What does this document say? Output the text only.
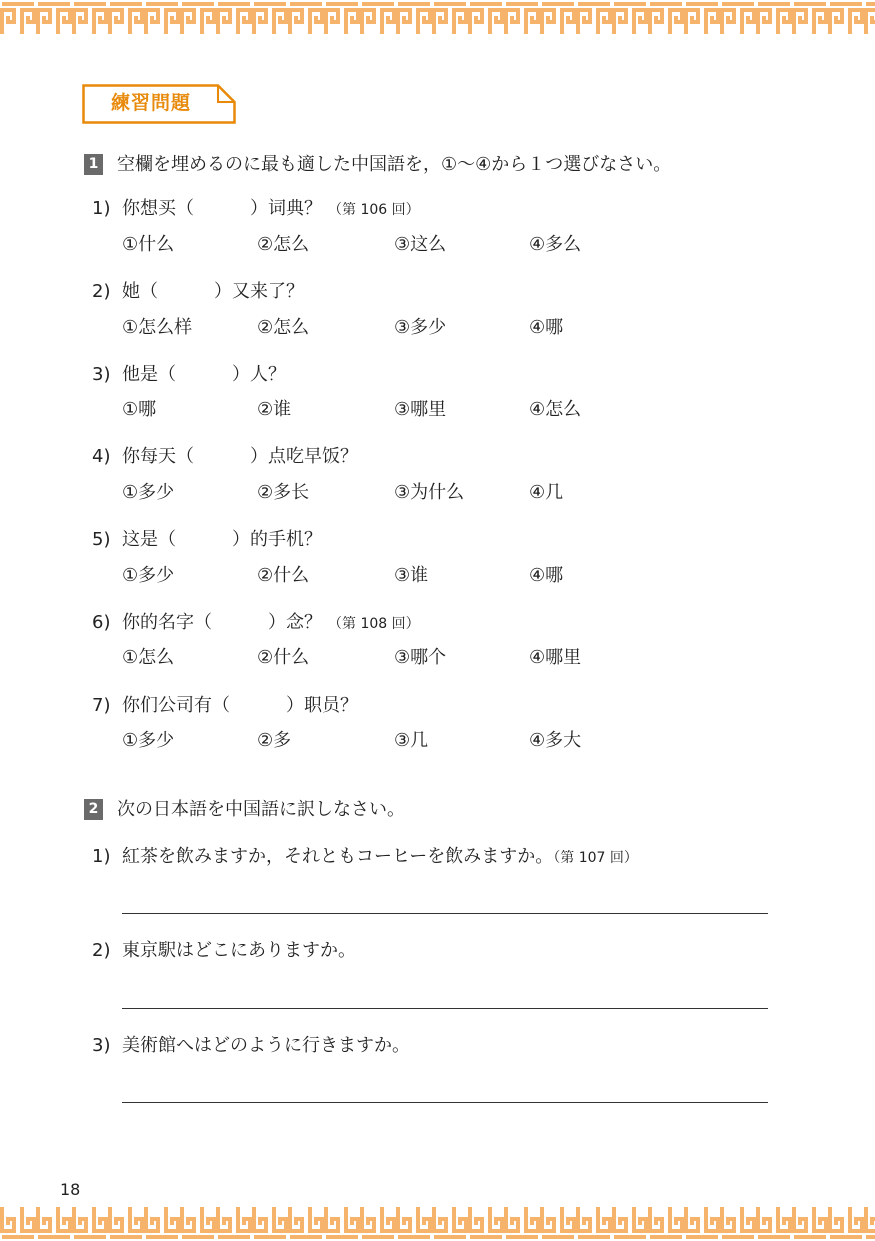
練習問題
1 空欄を埋めるのに最も適した中国語を，①～④から１つ選びなさい。
1) 你想买（	）词典？ （第 106 回）
①什么	②怎么	③这么	④多么
2) 她（	）又来了？
①怎么样	②怎么	③多少	④哪
3) 他是（	）人？
①哪	②谁	③哪里	④怎么
4) 你每天（	）点吃早饭？
①多少	②多长	③为什么	④几
5) 这是（	）的手机？
①多少	②什么	③谁	④哪
6) 你的名字（	）念？ （第 108 回）
①怎么	②什么	③哪个	④哪里
7) 你们公司有（	）职员？
①多少	②多	③几	④多大
2 次の日本語を中国語に訳しなさい。
1) 紅茶を飲みますか，それともコーヒーを飲みますか。（第 107 回）
2) 東京駅はどこにありますか。
3) 美術館へはどのように行きますか。
18
